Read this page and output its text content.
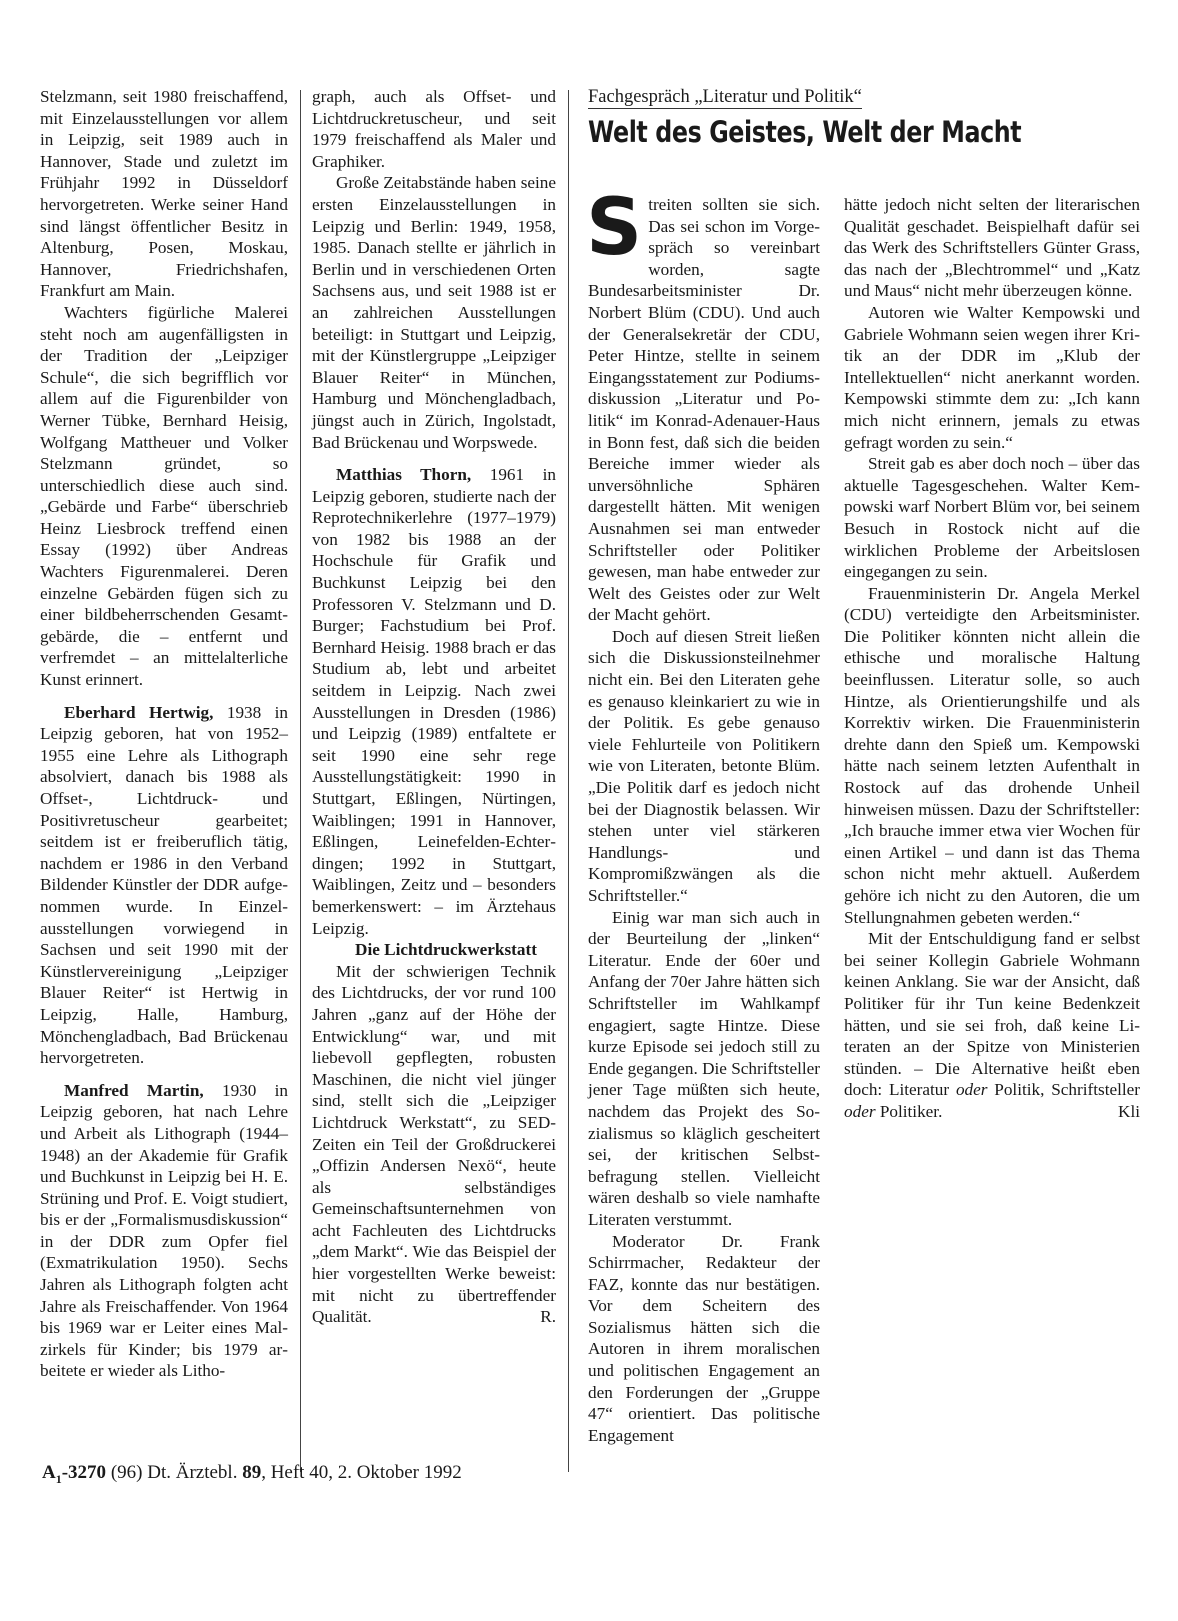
Stelzmann, seit 1980 freischaffend, mit Einzelausstellungen vor allem in Leipzig, seit 1989 auch in Hannover, Stade und zuletzt im Frühjahr 1992 in Düsseldorf hervorgetreten. Werke seiner Hand sind längst öffentlicher Besitz in Altenburg, Posen, Moskau, Hannover, Friedrichshafen, Frankfurt am Main.

Wachters figürliche Malerei steht noch am augenfälligsten in der Tradition der „Leipziger Schule“, die sich begrifflich vor allem auf die Figurenbilder von Werner Tübke, Bernhard Heisig, Wolfgang Mattheuer und Volker Stelzmann gründet, so unterschiedlich diese auch sind. „Gebärde und Farbe“ überschrieb Heinz Liesbrock treffend einen Essay (1992) über Andreas Wachters Figurenmalerei. Deren einzelne Gebärden fügen sich zu einer bildbeherrschenden Gesamtgebärde, die – entfernt und verfremdet – an mittelalterliche Kunst erinnert.

Eberhard Hertwig, 1938 in Leipzig geboren, hat von 1952–1955 eine Lehre als Lithograph absolviert, danach bis 1988 als Offset-, Lichtdruck- und Positivretuscheur gearbeitet; seitdem ist er freiberuflich tätig, nachdem er 1986 in den Verband Bildender Künstler der DDR aufgenommen wurde. In Einzelausstellungen vorwiegend in Sachsen und seit 1990 mit der Künstlervereinigung „Leipziger Blauer Reiter“ ist Hertwig in Leipzig, Halle, Hamburg, Mönchengladbach, Bad Brückenau hervorgetreten.

Manfred Martin, 1930 in Leipzig geboren, hat nach Lehre und Arbeit als Lithograph (1944–1948) an der Akademie für Grafik und Buchkunst in Leipzig bei H. E. Strüning und Prof. E. Voigt studiert, bis er der „Formalismusdiskussion“ in der DDR zum Opfer fiel (Exmatrikulation 1950). Sechs Jahren als Lithograph folgten acht Jahre als Freischaffender. Von 1964 bis 1969 war er Leiter eines Malzirkels für Kinder; bis 1979 arbeitete er wieder als Litho-

graph, auch als Offset- und Lichtdruckretuscheur, und seit 1979 freischaffend als Maler und Graphiker.

Große Zeitabstände haben seine ersten Einzelausstellungen in Leipzig und Berlin: 1949, 1958, 1985. Danach stellte er jährlich in Berlin und in verschiedenen Orten Sachsens aus, und seit 1988 ist er an zahlreichen Ausstellungen beteiligt: in Stuttgart und Leipzig, mit der Künstlergruppe „Leipziger Blauer Reiter“ in München, Hamburg und Mönchengladbach, jüngst auch in Zürich, Ingolstadt, Bad Brückenau und Worpswede.

Matthias Thorn, 1961 in Leipzig geboren, studierte nach der Reprotechnikerlehre (1977–1979) von 1982 bis 1988 an der Hochschule für Grafik und Buchkunst Leipzig bei den Professoren V. Stelzmann und D. Burger; Fachstudium bei Prof. Bernhard Heisig. 1988 brach er das Studium ab, lebt und arbeitet seitdem in Leipzig. Nach zwei Ausstellungen in Dresden (1986) und Leipzig (1989) entfaltete er seit 1990 eine sehr rege Ausstellungstätigkeit: 1990 in Stuttgart, Eßlingen, Nürtingen, Waiblingen; 1991 in Hannover, Eßlingen, Leinefelden-Echterdingen; 1992 in Stuttgart, Waiblingen, Zeitz und – besonders bemerkenswert: – im Ärztehaus Leipzig.

Die Lichtdruckwerkstatt

Mit der schwierigen Technik des Lichtdrucks, der vor rund 100 Jahren „ganz auf der Höhe der Entwicklung“ war, und mit liebevoll gepflegten, robusten Maschinen, die nicht viel jünger sind, stellt sich die „Leipziger Lichtdruck Werkstatt“, zu SED-Zeiten ein Teil der Großdruckerei „Offizin Andersen Nexö“, heute als selbständiges Gemeinschaftsunternehmen von acht Fachleuten des Lichtdrucks „dem Markt“. Wie das Beispiel der hier vorgestellten Werke beweist: mit nicht zu übertreffender Qualität.	R.

Fachgespräch „Literatur und Politik“
Welt des Geistes, Welt der Macht

Streiten sollten sie sich. Das sei schon im Vorgespräch so vereinbart worden, sagte Bundesarbeitsminister Dr. Norbert Blüm (CDU). Und auch der Generalsekretär der CDU, Peter Hintze, stellte in seinem Eingangsstatement zur Podiumsdiskussion „Literatur und Politik“ im Konrad-Adenauer-Haus in Bonn fest, daß sich die beiden Bereiche immer wieder als unversöhnliche Sphären dargestellt hätten. Mit wenigen Ausnahmen sei man entweder Schriftsteller oder Politiker gewesen, man habe entweder zur Welt des Geistes oder zur Welt der Macht gehört.

Doch auf diesen Streit ließen sich die Diskussionsteilnehmer nicht ein. Bei den Literaten gehe es genauso kleinkariert zu wie in der Politik. Es gebe genauso viele Fehlurteile von Politikern wie von Literaten, betonte Blüm. „Die Politik darf es jedoch nicht bei der Diagnostik belassen. Wir stehen unter viel stärkeren Handlungs- und Kompromißzwängen als die Schriftsteller.“

Einig war man sich auch in der Beurteilung der „linken“ Literatur. Ende der 60er und Anfang der 70er Jahre hätten sich Schriftsteller im Wahlkampf engagiert, sagte Hintze. Diese kurze Episode sei jedoch still zu Ende gegangen. Die Schriftsteller jener Tage müßten sich heute, nachdem das Projekt des Sozialismus so kläglich gescheitert sei, der kritischen Selbstbefragung stellen. Vielleicht wären deshalb so viele namhafte Literaten verstummt.

Moderator Dr. Frank Schirrmacher, Redakteur der FAZ, konnte das nur bestätigen. Vor dem Scheitern des Sozialismus hätten sich die Autoren in ihrem moralischen und politischen Engagement an den Forderungen der „Gruppe 47“ orientiert. Das politische Engagement

hätte jedoch nicht selten der literarischen Qualität geschadet. Beispielhaft dafür sei das Werk des Schriftstellers Günter Grass, das nach der „Blechtrommel“ und „Katz und Maus“ nicht mehr überzeugen könne.

Autoren wie Walter Kempowski und Gabriele Wohmann seien wegen ihrer Kritik an der DDR im „Klub der Intellektuellen“ nicht anerkannt worden. Kempowski stimmte dem zu: „Ich kann mich nicht erinnern, jemals zu etwas gefragt worden zu sein.“

Streit gab es aber doch noch – über das aktuelle Tagesgeschehen. Walter Kempowski warf Norbert Blüm vor, bei seinem Besuch in Rostock nicht auf die wirklichen Probleme der Arbeitslosen eingegangen zu sein.

Frauenministerin Dr. Angela Merkel (CDU) verteidigte den Arbeitsminister. Die Politiker könnten nicht allein die ethische und moralische Haltung beeinflussen. Literatur solle, so auch Hintze, als Orientierungshilfe und als Korrektiv wirken. Die Frauenministerin drehte dann den Spieß um. Kempowski hätte nach seinem letzten Aufenthalt in Rostock auf das drohende Unheil hinweisen müssen. Dazu der Schriftsteller: „Ich brauche immer etwa vier Wochen für einen Artikel – und dann ist das Thema schon nicht mehr aktuell. Außerdem gehöre ich nicht zu den Autoren, die um Stellungnahmen gebeten werden.“

Mit der Entschuldigung fand er selbst bei seiner Kollegin Gabriele Wohmann keinen Anklang. Sie war der Ansicht, daß Politiker für ihr Tun keine Bedenkzeit hätten, und sie sei froh, daß keine Literaten an der Spitze von Ministerien stünden. – Die Alternative heißt eben doch: Literatur oder Politik, Schriftsteller oder Politiker.	Kli

$A_1-3270$ (96) Dt. Ärztebl. 89, Heft 40, 2. Oktober 1992
